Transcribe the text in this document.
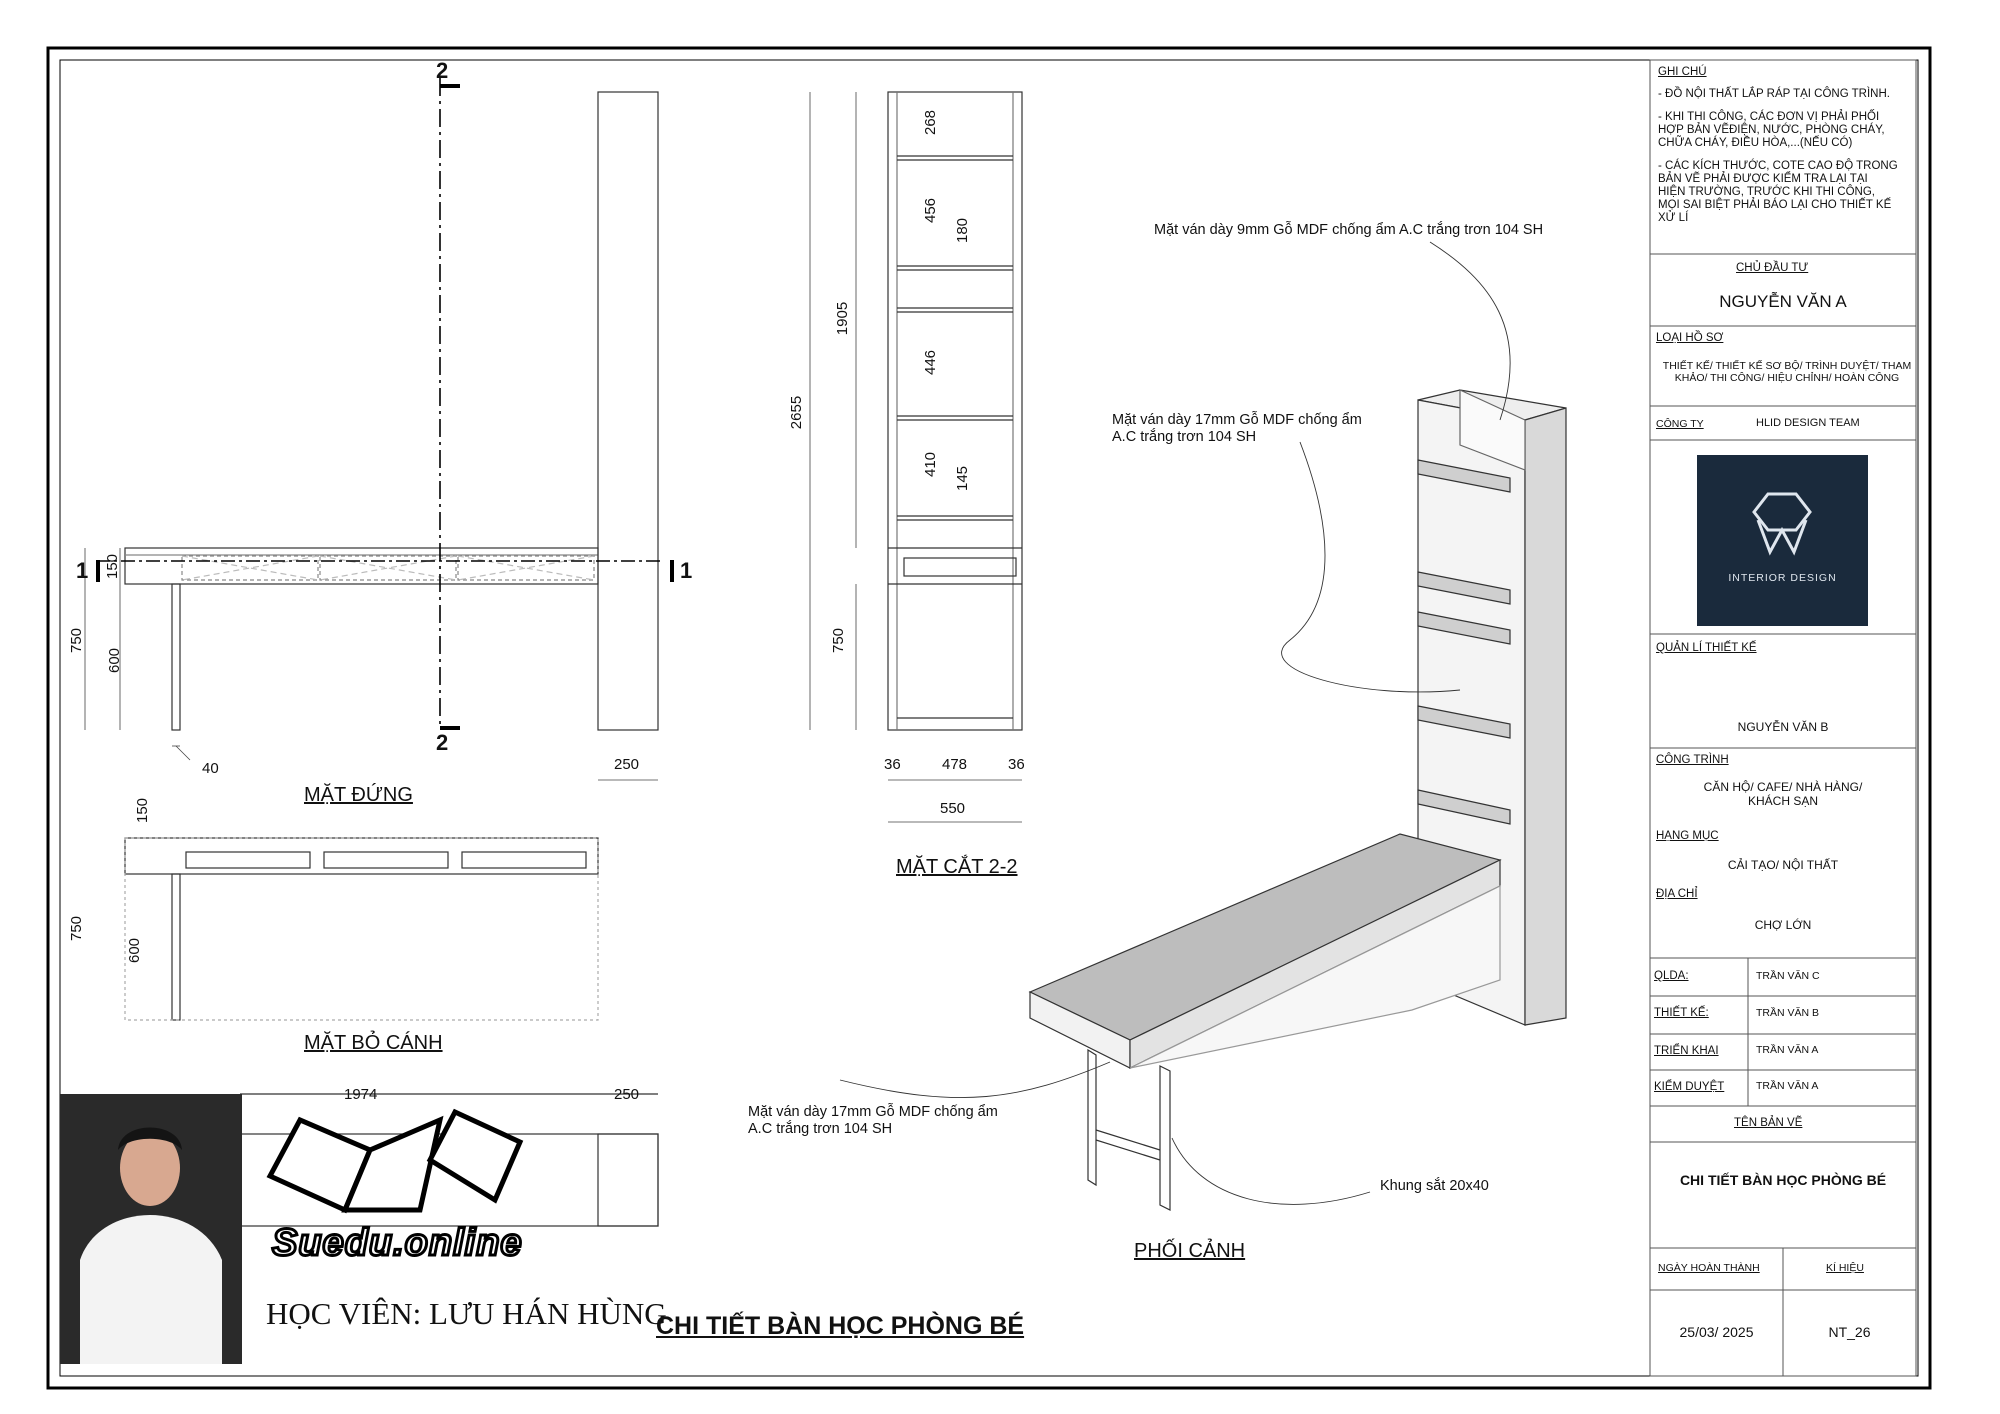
GHI CHÚ

- ĐỒ NỘI THẤT LẮP RÁP TẠI CÔNG TRÌNH.

- KHI THI CÔNG, CÁC ĐƠN VỊ PHẢI PHỐI HỢP BẢN VẼĐIỆN, NƯỚC, PHÒNG CHÁY, CHỮA CHÁY, ĐIỀU HÒA,...(NẾU CÓ)

- CÁC KÍCH THƯỚC, COTE CAO ĐỘ TRONG BẢN VẼ PHẢI ĐƯỢC KIỂM TRA LẠI TẠI HIỆN TRƯỜNG, TRƯỚC KHI THI CÔNG, MỌI SAI BIỆT PHẢI BÁO LẠI CHO THIẾT KẾ XỬ LÍ

CHỦ ĐẦU TƯ
NGUYỄN VĂN A
LOẠI HỒ SƠ
THIẾT KẾ/ THIẾT KẾ SƠ BỘ/ TRÌNH DUYỆT/ THAM KHẢO/ THI CÔNG/ HIỆU CHỈNH/ HOÀN CÔNG
CÔNG TY	HLID DESIGN TEAM
INTERIOR DESIGN
QUẢN LÍ THIẾT KẾ
NGUYỄN VĂN B
CÔNG TRÌNH
CĂN HỘ/ CAFE/ NHÀ HÀNG/ KHÁCH SẠN
HẠNG MỤC
CẢI TẠO/ NỘI THẤT
ĐỊA CHỈ
CHỢ LỚN
QLDA:	TRẦN VĂN C
THIẾT KẾ:	TRẦN VĂN B
TRIỂN KHAI	TRẦN VĂN A
KIỂM DUYỆT	TRẦN VĂN A
TÊN BẢN VẼ
CHI TIẾT BÀN HỌC PHÒNG BÉ
NGÀY HOÀN THÀNH	KÍ HIỆU
25/03/ 2025	NT_26
MẶT ĐỨNG
MẶT CẮT 2-2
MẶT BỎ CÁNH
PHỐI CẢNH
2
2
1	1
150
750
600
40	250
268
456
180
1905
2655
446
410
145
750
36	478	36
550
150
750
600
1974	250
Mặt ván dày 9mm Gỗ MDF chống ẩm A.C trắng trơn 104 SH
Mặt ván dày 17mm Gỗ MDF chống ẩm
A.C trắng trơn 104 SH
Mặt ván dày 17mm Gỗ MDF chống ẩm
A.C trắng trơn 104 SH
Khung sắt 20x40
Suedu.online
HỌC VIÊN: LƯU HÁN HÙNG
CHI TIẾT BÀN HỌC PHÒNG BÉ
